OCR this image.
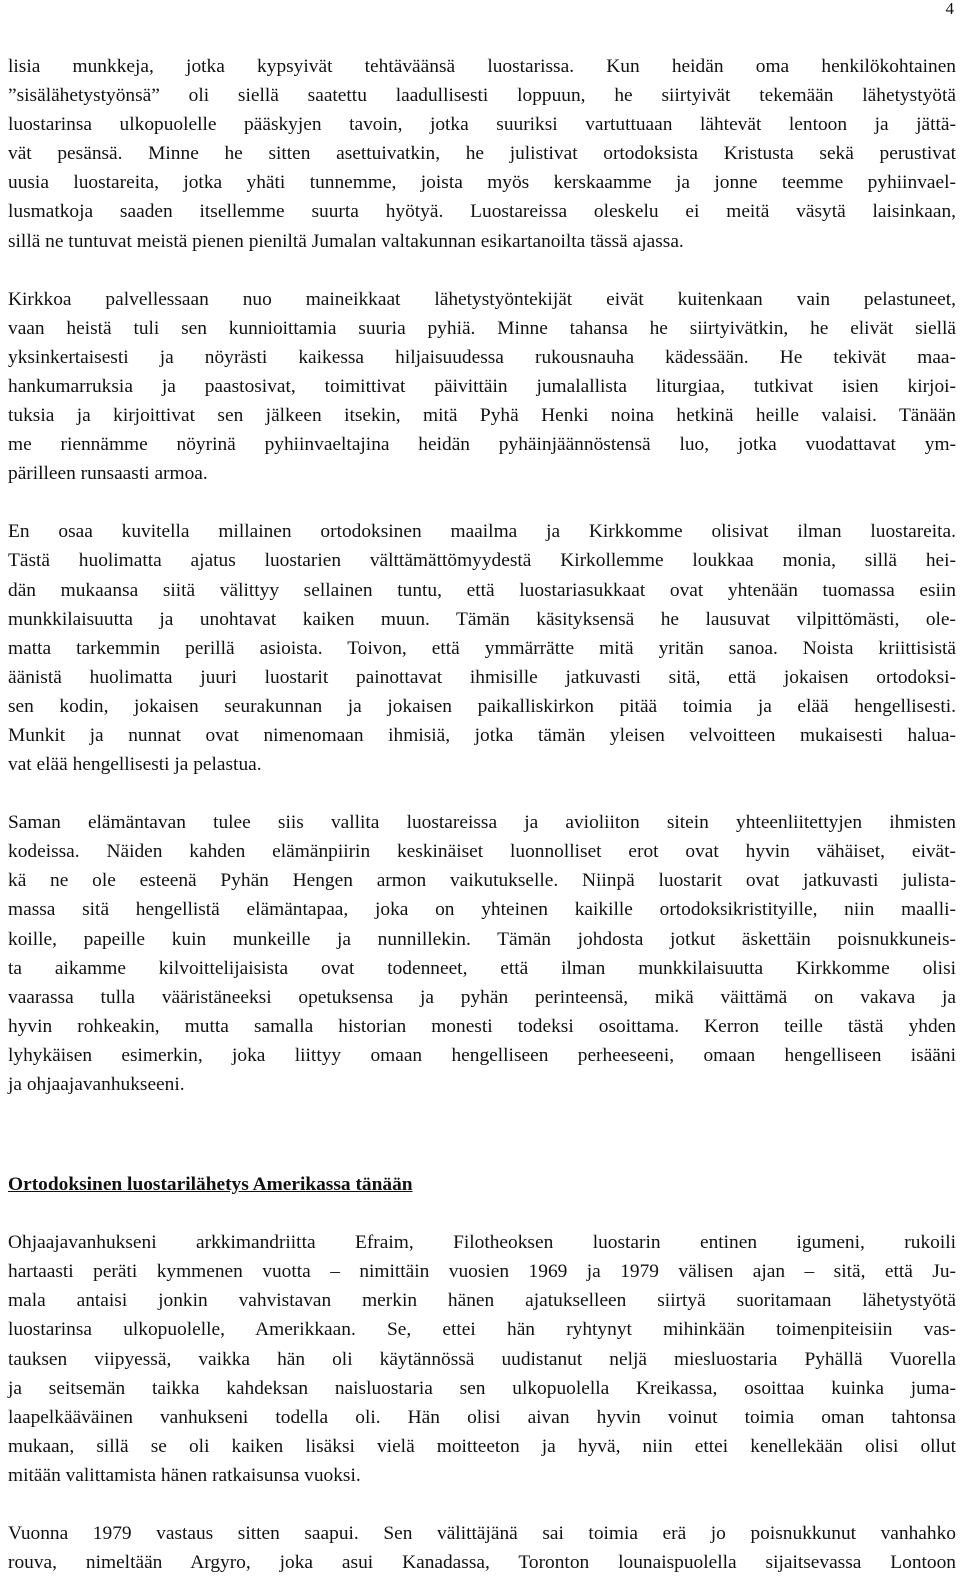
4
lisia munkkeja, jotka kypsyivät tehtäväänsä luostarissa. Kun heidän oma henkilökohtainen
”sisälähetystyönsä” oli siellä saatettu laadullisesti loppuun, he siirtyivät tekemään lähetystyötä
luostarinsa ulkopuolelle pääskyjen tavoin, jotka suuriksi vartuttuaan lähtevät lentoon ja jättä-
vät pesänsä. Minne he sitten asettuivatkin, he julistivat ortodoksista Kristusta sekä perustivat
uusia luostareita, jotka yhäti tunnemme, joista myös kerskaamme ja jonne teemme pyhiinvael-
lusmatkoja saaden itsellemme suurta hyötyä. Luostareissa oleskelu ei meitä väsytä laisinkaan,
sillä ne tuntuvat meistä pienen pieniltä Jumalan valtakunnan esikartanoilta tässä ajassa.
Kirkkoa palvellessaan nuo maineikkaat lähetystyöntekijät eivät kuitenkaan vain pelastuneet,
vaan heistä tuli sen kunnioittamia suuria pyhiä. Minne tahansa he siirtyivätkin, he elivät siellä
yksinkertaisesti ja nöyrästi kaikessa hiljaisuudessa rukousnauha kädessään. He tekivät maa-
hankumarruksia ja paastosivat, toimittivat päivittäin jumalallista liturgiaa, tutkivat isien kirjoi-
tuksia ja kirjoittivat sen jälkeen itsekin, mitä Pyhä Henki noina hetkinä heille valaisi. Tänään
me riennämme nöyrinä pyhiinvaeltajina heidän pyhäinjäännöstensä luo, jotka vuodattavat ym-
pärilleen runsaasti armoa.
En osaa kuvitella millainen ortodoksinen maailma ja Kirkkomme olisivat ilman luostareita.
Tästä huolimatta ajatus luostarien välttämättömyydestä Kirkollemme loukkaa monia, sillä hei-
dän mukaansa siitä välittyy sellainen tuntu, että luostariasukkaat ovat yhtenään tuomassa esiin
munkkilaisuutta ja unohtavat kaiken muun. Tämän käsityksensä he lausuvat vilpittömästi, ole-
matta tarkemmin perillä asioista. Toivon, että ymmärrätte mitä yritän sanoa. Noista kriittisistä
äänistä huolimatta juuri luostarit painottavat ihmisille jatkuvasti sitä, että jokaisen ortodoksi-
sen kodin, jokaisen seurakunnan ja jokaisen paikalliskirkon pitää toimia ja elää hengellisesti.
Munkit ja nunnat ovat nimenomaan ihmisiä, jotka tämän yleisen velvoitteen mukaisesti halua-
vat elää hengellisesti ja pelastua.
Saman elämäntavan tulee siis vallita luostareissa ja avioliiton sitein yhteenliitettyjen ihmisten
kodeissa. Näiden kahden elämänpiirin keskinäiset luonnolliset erot ovat hyvin vähäiset, eivät-
kä ne ole esteenä Pyhän Hengen armon vaikutukselle. Niinpä luostarit ovat jatkuvasti julista-
massa sitä hengellistä elämäntapaa, joka on yhteinen kaikille ortodoksikristityille, niin maalli-
koille, papeille kuin munkeille ja nunnillekin. Tämän johdosta jotkut äskettäin poisnukkuneis-
ta aikamme kilvoittelijaisista ovat todenneet, että ilman munkkilaisuutta Kirkkomme olisi
vaarassa tulla vääristäneeksi opetuksensa ja pyhän perinteensä, mikä väittämä on vakava ja
hyvin rohkeakin, mutta samalla historian monesti todeksi osoittama. Kerron teille tästä yhden
lyhykäisen esimerkin, joka liittyy omaan hengelliseen perheeseeni, omaan hengelliseen isääni
ja ohjaajavanhukseeni.
Ortodoksinen luostarilähetys Amerikassa tänään
Ohjaajavanhukseni arkkimandriitta Efraim, Filotheoksen luostarin entinen igumeni, rukoili
hartaasti peräti kymmenen vuotta – nimittäin vuosien 1969 ja 1979 välisen ajan – sitä, että Ju-
mala antaisi jonkin vahvistavan merkin hänen ajatukselleen siirtyä suoritamaan lähetystyötä
luostarinsa ulkopuolelle, Amerikkaan. Se, ettei hän ryhtynyt mihinkään toimenpiteisiin vas-
tauksen viipyessä, vaikka hän oli käytännössä uudistanut neljä miesluostaria Pyhällä Vuorella
ja seitsemän taikka kahdeksan naisluostaria sen ulkopuolella Kreikassa, osoittaa kuinka juma-
laapelkääväinen vanhukseni todella oli. Hän olisi aivan hyvin voinut toimia oman tahtonsa
mukaan, sillä se oli kaiken lisäksi vielä moitteeton ja hyvä, niin ettei kenellekään olisi ollut
mitään valittamista hänen ratkaisunsa vuoksi.
Vuonna 1979 vastaus sitten saapui. Sen välittäjänä sai toimia erä jo poisnukkunut vanhahko
rouva, nimeltään Argyro, joka asui Kanadassa, Toronton lounaispuolella sijaitsevassa Lontoon
